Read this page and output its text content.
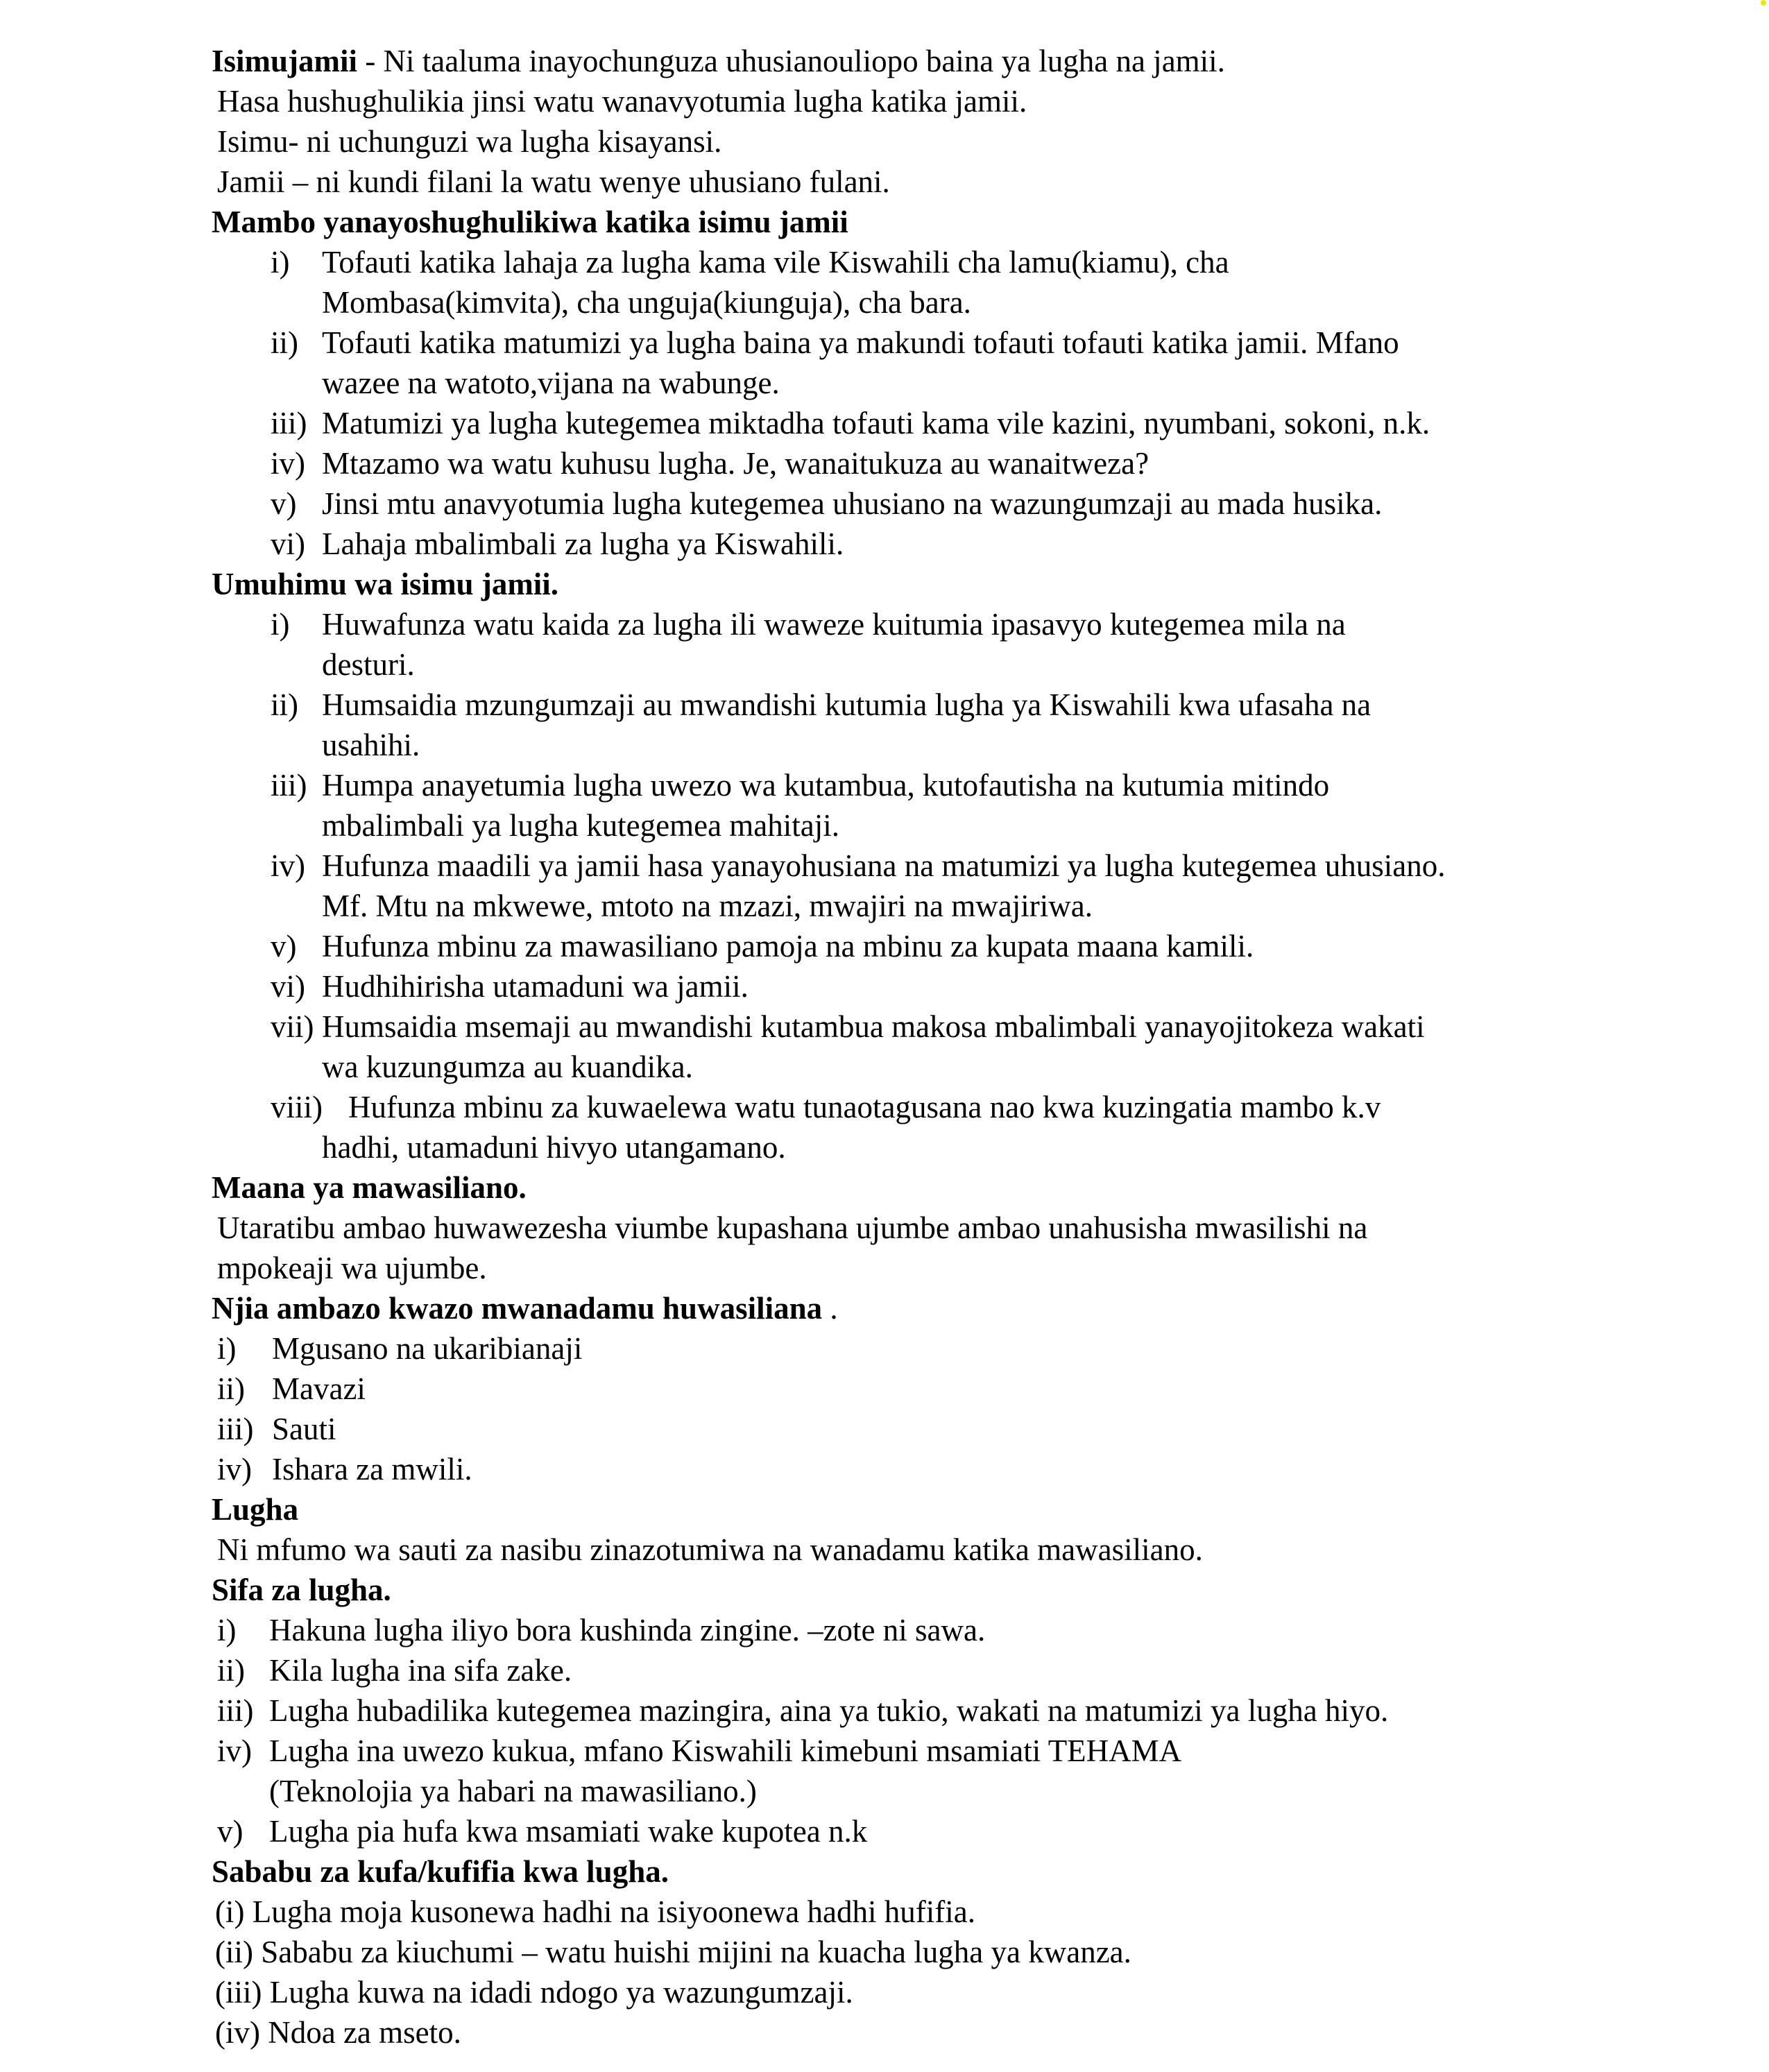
Isimujamii - Ni taaluma inayochunguza uhusianouliopo baina ya lugha na jamii.
Hasa hushughulikia jinsi watu wanavyotumia lugha katika jamii.
Isimu- ni uchunguzi wa lugha kisayansi.
Jamii – ni kundi filani la watu wenye uhusiano fulani.
Mambo yanayoshughulikiwa katika isimu jamii
i) Tofauti katika lahaja za lugha kama vile Kiswahili cha lamu(kiamu), cha
Mombasa(kimvita), cha unguja(kiunguja), cha bara.
ii) Tofauti katika matumizi ya lugha baina ya makundi tofauti tofauti katika jamii. Mfano
wazee na watoto,vijana na wabunge.
iii) Matumizi ya lugha kutegemea miktadha tofauti kama vile kazini, nyumbani, sokoni, n.k.
iv) Mtazamo wa watu kuhusu lugha. Je, wanaitukuza au wanaitweza?
v) Jinsi mtu anavyotumia lugha kutegemea uhusiano na wazungumzaji au mada husika.
vi) Lahaja mbalimbali za lugha ya Kiswahili.
Umuhimu wa isimu jamii.
i) Huwafunza watu kaida za lugha ili waweze kuitumia ipasavyo kutegemea mila na
desturi.
ii) Humsaidia mzungumzaji au mwandishi kutumia lugha ya Kiswahili kwa ufasaha na
usahihi.
iii) Humpa anayetumia lugha uwezo wa kutambua, kutofautisha na kutumia mitindo
mbalimbali ya lugha kutegemea mahitaji.
iv) Hufunza maadili ya jamii hasa yanayohusiana na matumizi ya lugha kutegemea uhusiano.
Mf. Mtu na mkwewe, mtoto na mzazi, mwajiri na mwajiriwa.
v) Hufunza mbinu za mawasiliano pamoja na mbinu za kupata maana kamili.
vi) Hudhihirisha utamaduni wa jamii.
vii) Humsaidia msemaji au mwandishi kutambua makosa mbalimbali yanayojitokeza wakati
wa kuzungumza au kuandika.
viii) Hufunza mbinu za kuwaelewa watu tunaotagusana nao kwa kuzingatia mambo k.v
hadhi, utamaduni hivyo utangamano.
Maana ya mawasiliano.
Utaratibu ambao huwawezesha viumbe kupashana ujumbe ambao unahusisha mwasilishi na
mpokeaji wa ujumbe.
Njia ambazo kwazo mwanadamu huwasiliana .
i) Mgusano na ukaribianaji
ii) Mavazi
iii) Sauti
iv) Ishara za mwili.
Lugha
Ni mfumo wa sauti za nasibu zinazotumiwa na wanadamu katika mawasiliano.
Sifa za lugha.
i) Hakuna lugha iliyo bora kushinda zingine. –zote ni sawa.
ii) Kila lugha ina sifa zake.
iii) Lugha hubadilika kutegemea mazingira, aina ya tukio, wakati na matumizi ya lugha hiyo.
iv) Lugha ina uwezo kukua, mfano Kiswahili kimebuni msamiati TEHAMA
(Teknolojia ya habari na mawasiliano.)
v) Lugha pia hufa kwa msamiati wake kupotea n.k
Sababu za kufa/kufifia kwa lugha.
(i) Lugha moja kusonewa hadhi na isiyoonewa hadhi hufifia.
(ii) Sababu za kiuchumi – watu huishi mijini na kuacha lugha ya kwanza.
(iii) Lugha kuwa na idadi ndogo ya wazungumzaji.
(iv) Ndoa za mseto.
